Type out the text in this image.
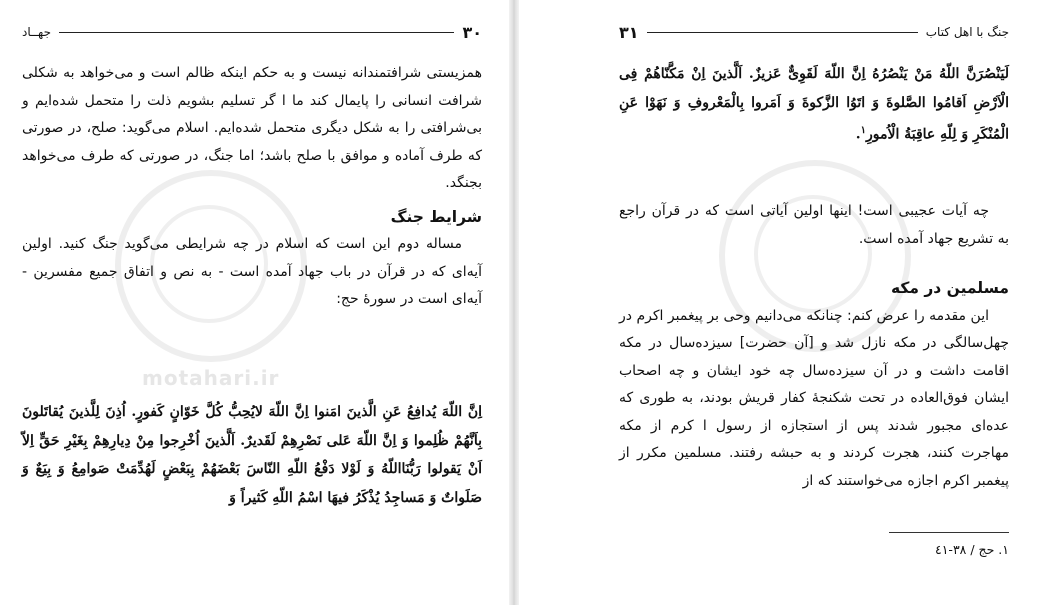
motahari.ir
۳۰
جهــاد

همزیستی شرافتمندانه نیست و به حکم اینکه ظالم است و می‌خواهد به شکلی شرافت انسانی را پایمال کند ما ا گر تسلیم بشویم ذلت را متحمل شده‌ایم و بی‌شرافتی را به شکل دیگری متحمل شده‌ایم. اسلام می‌گوید: صلح، در صورتی که طرف آماده و موافق با صلح باشد؛ اما جنگ، در صورتی که طرف می‌خواهد بجنگد.

شرایط جنگ

مساله دوم این است که اسلام در چه شرایطی می‌گوید جنگ کنید. اولین آیه‌ای که در قرآن در باب جهاد آمده است - به نص و اتفاق جمیع مفسرین - آیه‌ای است در سورهٔ حج:

اِنَّ اللّهَ یُدافِعُ عَنِ الَّذینَ امَنوا اِنَّ اللّهَ لایُحِبُّ کُلَّ خَوّانٍ کَفورٍ. اُذِنَ لِلَّذینَ یُقاتَلونَ بِاَنَّهُمْ ظُلِموا وَ اِنَّ اللّهَ عَلی نَصْرِهِمْ لَقَدیرٌ. اَلَّذینَ اُخْرِجوا مِنْ دِیارِهِمْ بِغَیْرِ حَقٍّ اِلاّ اَنْ یَقولوا رَبُّنَااللّهُ وَ لَوْلا دَفْعُ اللّهِ النّاسَ بَعْضَهُمْ بِبَعْضٍ لَهُدِّمَتْ صَوامِعُ وَ بِیَعٌ وَ صَلَواتٌ وَ مَساجِدُ یُذْکَرُ فیهَا اسْمُ اللّهِ کَثیراً وَ
جنگ با اهل کتاب
۳۱
لَیَنْصُرَنَّ اللّهُ مَنْ یَنْصُرُهُ اِنَّ اللّهَ لَقَوِیٌّ عَزیزٌ. اَلَّذینَ اِنْ مَکَّنّاهُمْ فِی الْاَرْضِ اَقامُوا الصَّلوةَ وَ اتَوُا الزَّکوةَ وَ اَمَروا بِالْمَعْروفِ وَ نَهَوْا عَنِ الْمُنْکَرِ وَ لِلّهِ عاقِبَةُ الْاُمورِ$^١$.

چه آیات عجیبی است! اینها اولین آیاتی است که در قرآن راجع به تشریع جهاد آمده است.

مسلمین در مکه

این مقدمه را عرض کنم: چنانکه می‌دانیم وحی بر پیغمبر اکرم در چهل‌سالگی در مکه نازل شد و [آن حضرت] سیزده‌سال در مکه اقامت داشت و در آن سیزده‌سال چه خود ایشان و چه اصحاب ایشان فوق‌العاده در تحت شکنجهٔ کفار قریش بودند، به طوری که عده‌ای مجبور شدند پس از استجازه از رسول ا کرم از مکه مهاجرت کنند، هجرت کردند و به حبشه رفتند. مسلمین مکرر از پیغمبر اکرم اجازه می‌خواستند که از

١. حج / ٣٨-٤١
